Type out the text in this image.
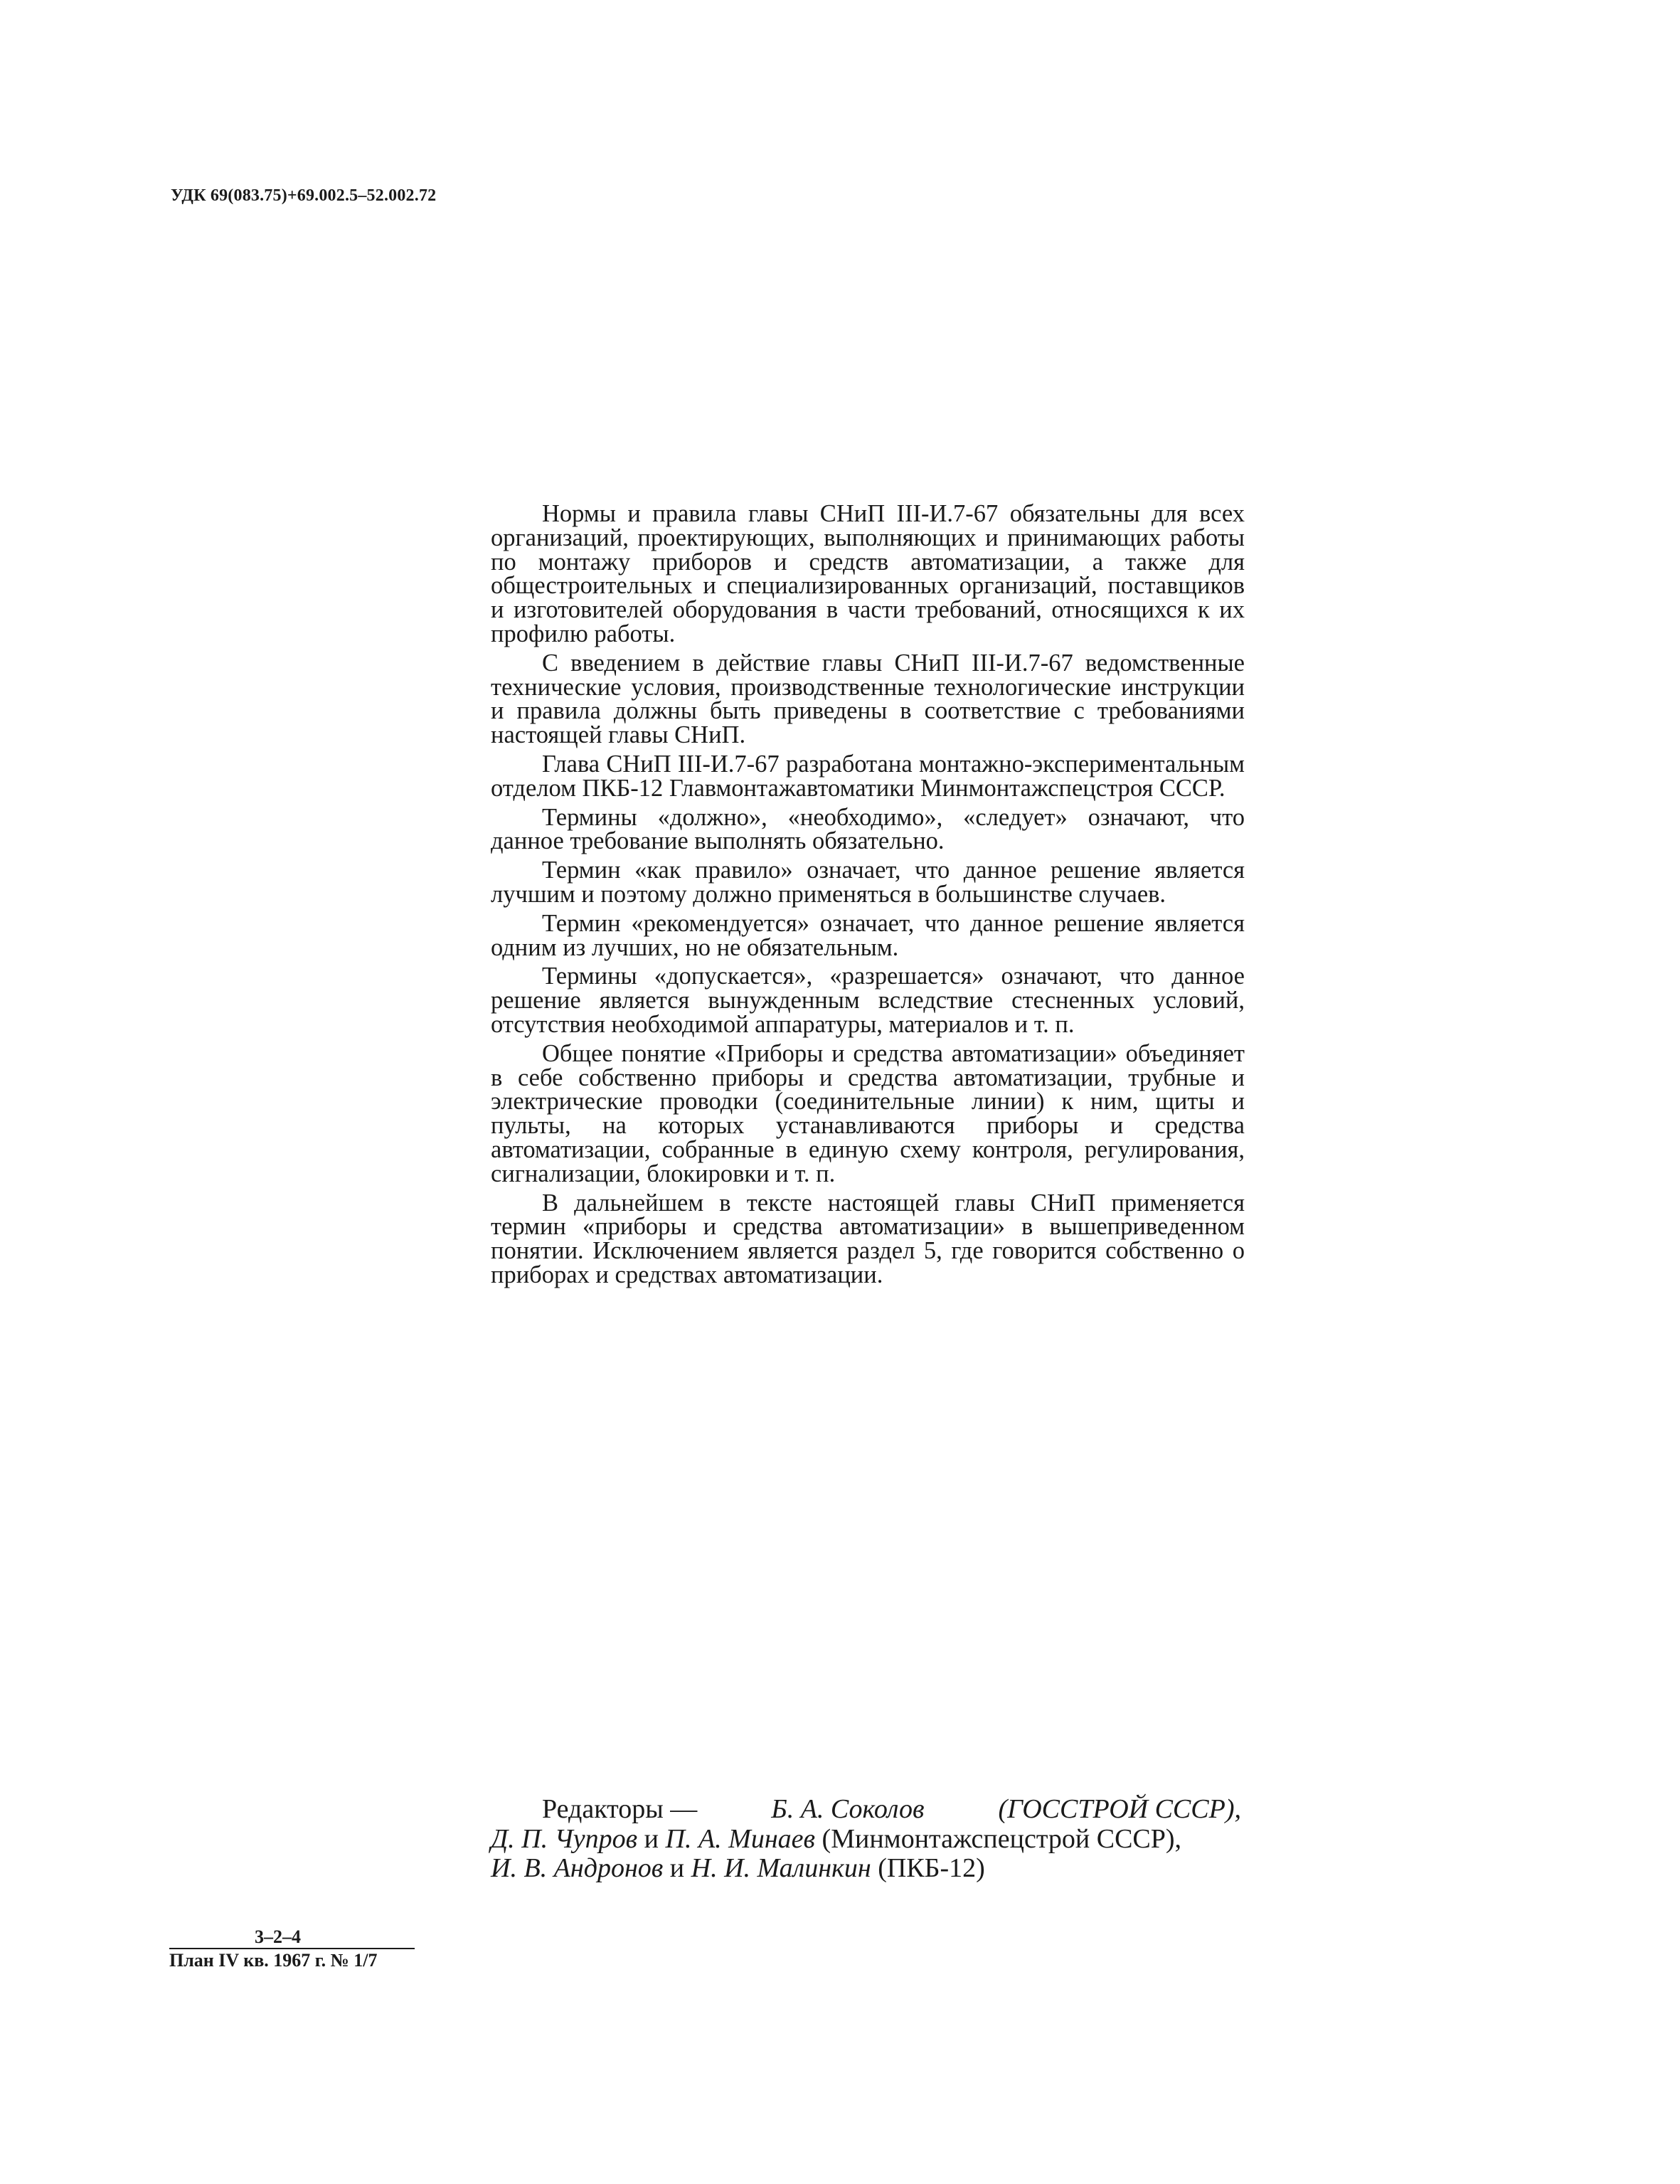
УДК 69(083.75)+69.002.5–52.002.72

Нормы и правила главы СНиП III-И.7-67 обязательны для всех организаций, проектирующих, выполняющих и принимающих работы по монтажу приборов и средств автоматизации, а также для общестроительных и специализированных организаций, поставщиков и изготовителей оборудования в части требований, относящихся к их профилю работы.

С введением в действие главы СНиП III-И.7-67 ведомственные технические условия, производственные технологические инструкции и правила должны быть приведены в соответствие с требованиями настоящей главы СНиП.

Глава СНиП III-И.7-67 разработана монтажно-экспериментальным отделом ПКБ-12 Главмонтажавтоматики Минмонтажспецстроя СССР.

Термины «должно», «необходимо», «следует» означают, что данное требование выполнять обязательно.

Термин «как правило» означает, что данное решение является лучшим и поэтому должно применяться в большинстве случаев.

Термин «рекомендуется» означает, что данное решение является одним из лучших, но не обязательным.

Термины «допускается», «разрешается» означают, что данное решение является вынужденным вследствие стесненных условий, отсутствия необходимой аппаратуры, материалов и т. п.

Общее понятие «Приборы и средства автоматизации» объединяет в себе собственно приборы и средства автоматизации, трубные и электрические проводки (соединительные линии) к ним, щиты и пульты, на которых устанавливаются приборы и средства автоматизации, собранные в единую схему контроля, регулирования, сигнализации, блокировки и т. п.

В дальнейшем в тексте настоящей главы СНиП применяется термин «приборы и средства автоматизации» в вышеприведенном понятии. Исключением является раздел 5, где говорится собственно о приборах и средствах автоматизации.

Редакторы —	Б. А. Соколов	(ГОССТРОЙ СССР),
Д. П. Чупров и П. А. Минаев (Минмонтажспецстрой СССР),
И. В. Андронов и Н. И. Малинкин (ПКБ-12)
3–2–4
План IV кв. 1967 г. № 1/7
